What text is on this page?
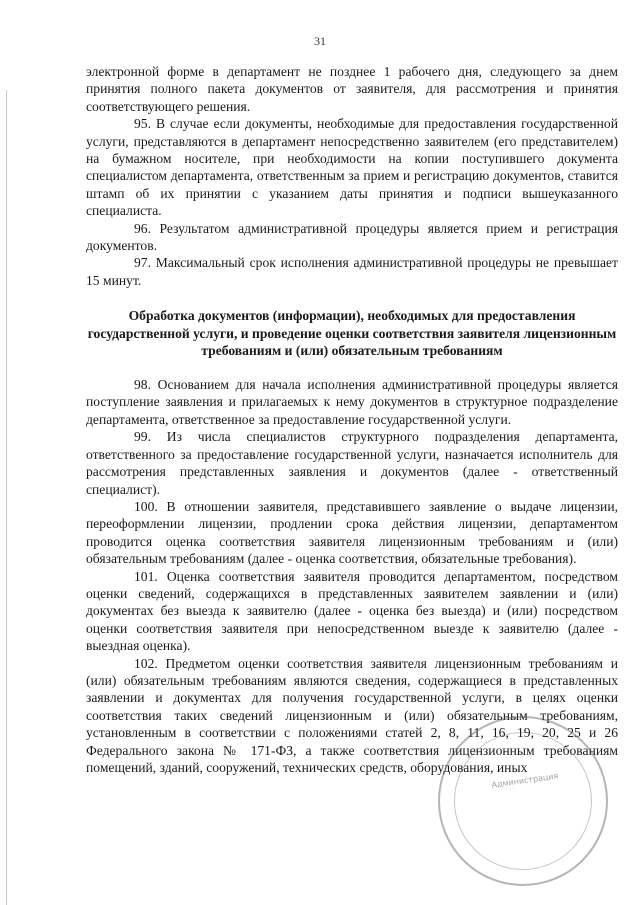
31

электронной форме в департамент не позднее 1 рабочего дня, следующего за днем принятия полного пакета документов от заявителя, для рассмотрения и принятия соответствующего решения.

95. В случае если документы, необходимые для предоставления государственной услуги, представляются в департамент непосредственно заявителем (его представителем) на бумажном носителе, при необходимости на копии поступившего документа специалистом департамента, ответственным за прием и регистрацию документов, ставится штамп об их принятии с указанием даты принятия и подписи вышеуказанного специалиста.

96. Результатом административной процедуры является прием и регистрация документов.

97. Максимальный срок исполнения административной процедуры не превышает 15 минут.

Обработка документов (информации), необходимых для предоставления государственной услуги, и проведение оценки соответствия заявителя лицензионным требованиям и (или) обязательным требованиям

98. Основанием для начала исполнения административной процедуры является поступление заявления и прилагаемых к нему документов в структурное подразделение департамента, ответственное за предоставление государственной услуги.

99. Из числа специалистов структурного подразделения департамента, ответственного за предоставление государственной услуги, назначается исполнитель для рассмотрения представленных заявления и документов (далее - ответственный специалист).

100. В отношении заявителя, представившего заявление о выдаче лицензии, переоформлении лицензии, продлении срока действия лицензии, департаментом проводится оценка соответствия заявителя лицензионным требованиям и (или) обязательным требованиям (далее - оценка соответствия, обязательные требования).

101. Оценка соответствия заявителя проводится департаментом, посредством оценки сведений, содержащихся в представленных заявителем заявлении и (или) документах без выезда к заявителю (далее - оценка без выезда) и (или) посредством оценки соответствия заявителя при непосредственном выезде к заявителю (далее - выездная оценка).

102. Предметом оценки соответствия заявителя лицензионным требованиям и (или) обязательным требованиям являются сведения, содержащиеся в представленных заявлении и документах для получения государственной услуги, в целях оценки соответствия таких сведений лицензионным и (или) обязательным требованиям, установленным в соответствии с положениями статей 2, 8, 11, 16, 19, 20, 25 и 26 Федерального закона № 171-ФЗ, а также соответствия лицензионным требованиям помещений, зданий, сооружений, технических средств, оборудования, иных

Администрация
